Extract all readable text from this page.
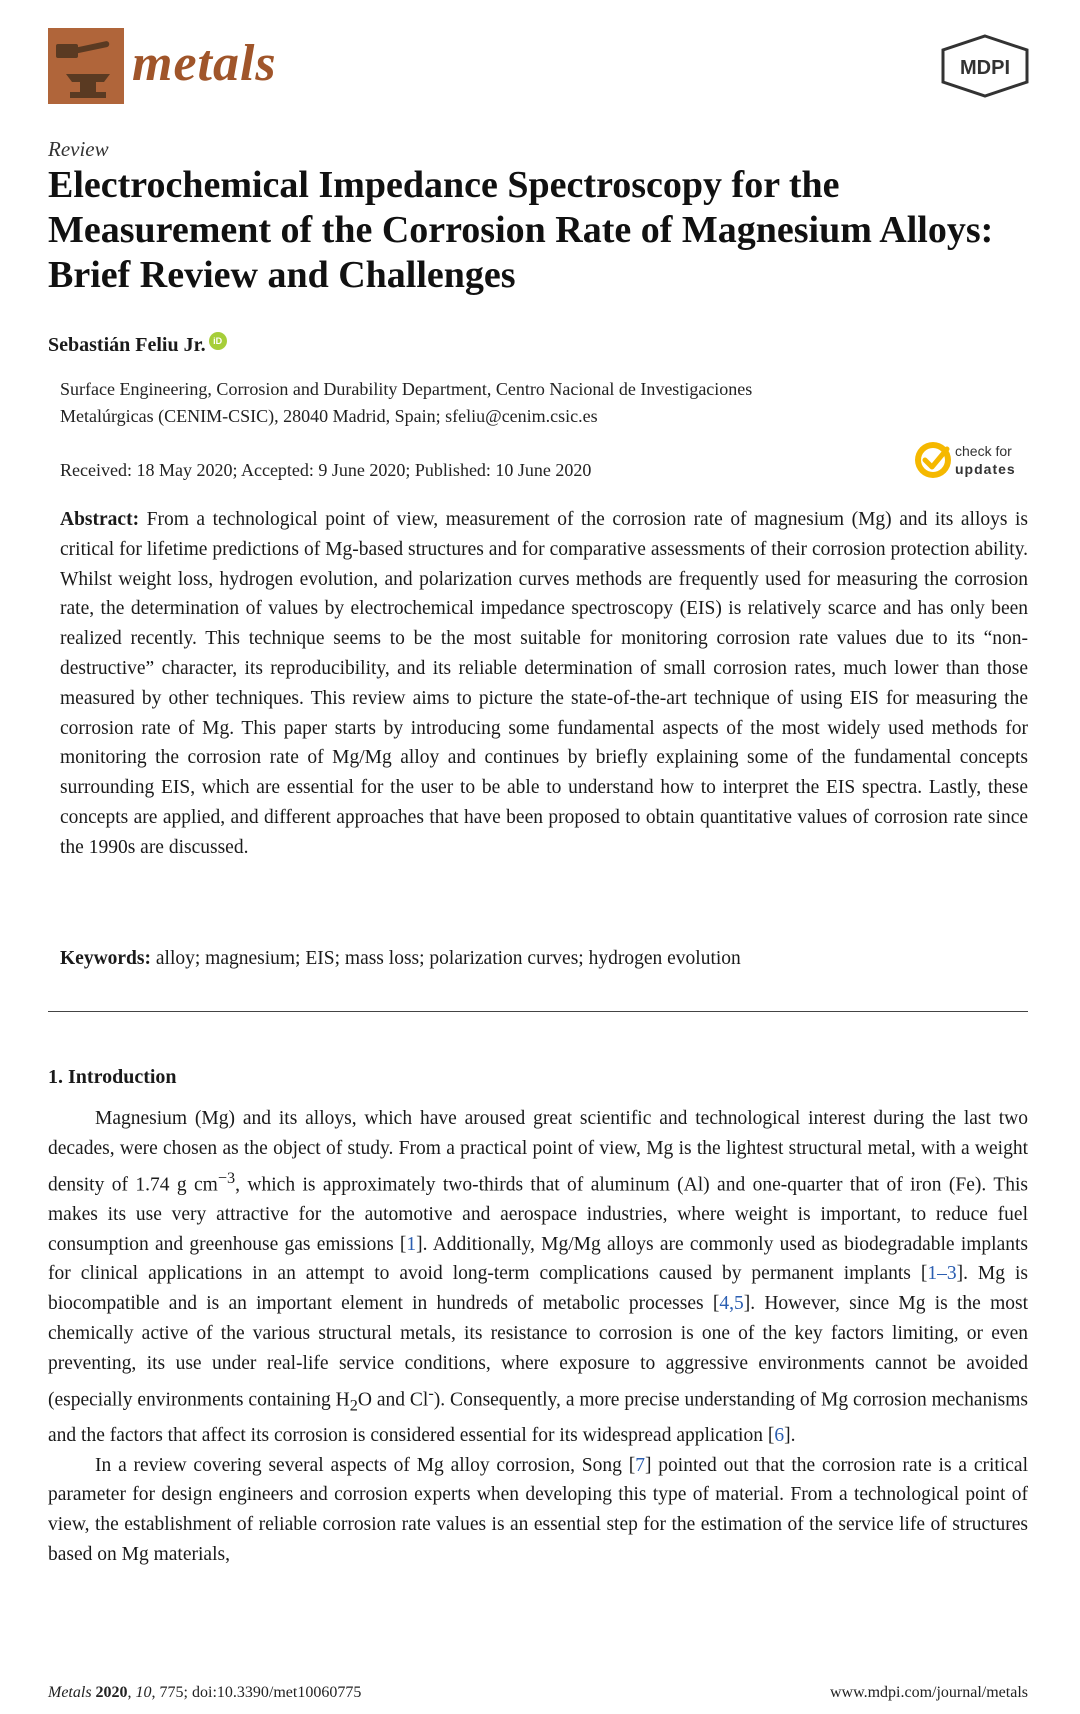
metals	MDPI
Review
Electrochemical Impedance Spectroscopy for the Measurement of the Corrosion Rate of Magnesium Alloys: Brief Review and Challenges
Sebastián Feliu Jr. iD

Surface Engineering, Corrosion and Durability Department, Centro Nacional de Investigaciones

Metalúrgicas (CENIM-CSIC), 28040 Madrid, Spain; sfeliu@cenim.csic.es

Received: 18 May 2020; Accepted: 9 June 2020; Published: 10 June 2020
check for
updates

Abstract: From a technological point of view, measurement of the corrosion rate of magnesium (Mg) and its alloys is critical for lifetime predictions of Mg-based structures and for comparative assessments of their corrosion protection ability. Whilst weight loss, hydrogen evolution, and polarization curves methods are frequently used for measuring the corrosion rate, the determination of values by electrochemical impedance spectroscopy (EIS) is relatively scarce and has only been realized recently. This technique seems to be the most suitable for monitoring corrosion rate values due to its “non-destructive” character, its reproducibility, and its reliable determination of small corrosion rates, much lower than those measured by other techniques. This review aims to picture the state-of-the-art technique of using EIS for measuring the corrosion rate of Mg. This paper starts by introducing some fundamental aspects of the most widely used methods for monitoring the corrosion rate of Mg/Mg alloy and continues by briefly explaining some of the fundamental concepts surrounding EIS, which are essential for the user to be able to understand how to interpret the EIS spectra. Lastly, these concepts are applied, and different approaches that have been proposed to obtain quantitative values of corrosion rate since the 1990s are discussed.

Keywords: alloy; magnesium; EIS; mass loss; polarization curves; hydrogen evolution
1. Introduction

Magnesium (Mg) and its alloys, which have aroused great scientific and technological interest during the last two decades, were chosen as the object of study. From a practical point of view, Mg is the lightest structural metal, with a weight density of 1.74 g $cm^{-3}$, which is approximately two-thirds that of aluminum (Al) and one-quarter that of iron (Fe). This makes its use very attractive for the automotive and aerospace industries, where weight is important, to reduce fuel consumption and greenhouse gas emissions [1]. Additionally, Mg/Mg alloys are commonly used as biodegradable implants for clinical applications in an attempt to avoid long-term complications caused by permanent implants [1–3]. Mg is biocompatible and is an important element in hundreds of metabolic processes [4,5]. However, since Mg is the most chemically active of the various structural metals, its resistance to corrosion is one of the key factors limiting, or even preventing, its use under real-life service conditions, where exposure to aggressive environments cannot be avoided (especially environments containing $H_2O$ and Cl-). Consequently, a more precise understanding of Mg corrosion mechanisms and the factors that affect its corrosion is considered essential for its widespread application [6].

In a review covering several aspects of Mg alloy corrosion, Song [7] pointed out that the corrosion rate is a critical parameter for design engineers and corrosion experts when developing this type of material. From a technological point of view, the establishment of reliable corrosion rate values is an essential step for the estimation of the service life of structures based on Mg materials,

Metals 2020, 10, 775; doi:10.3390/met10060775	www.mdpi.com/journal/metals
